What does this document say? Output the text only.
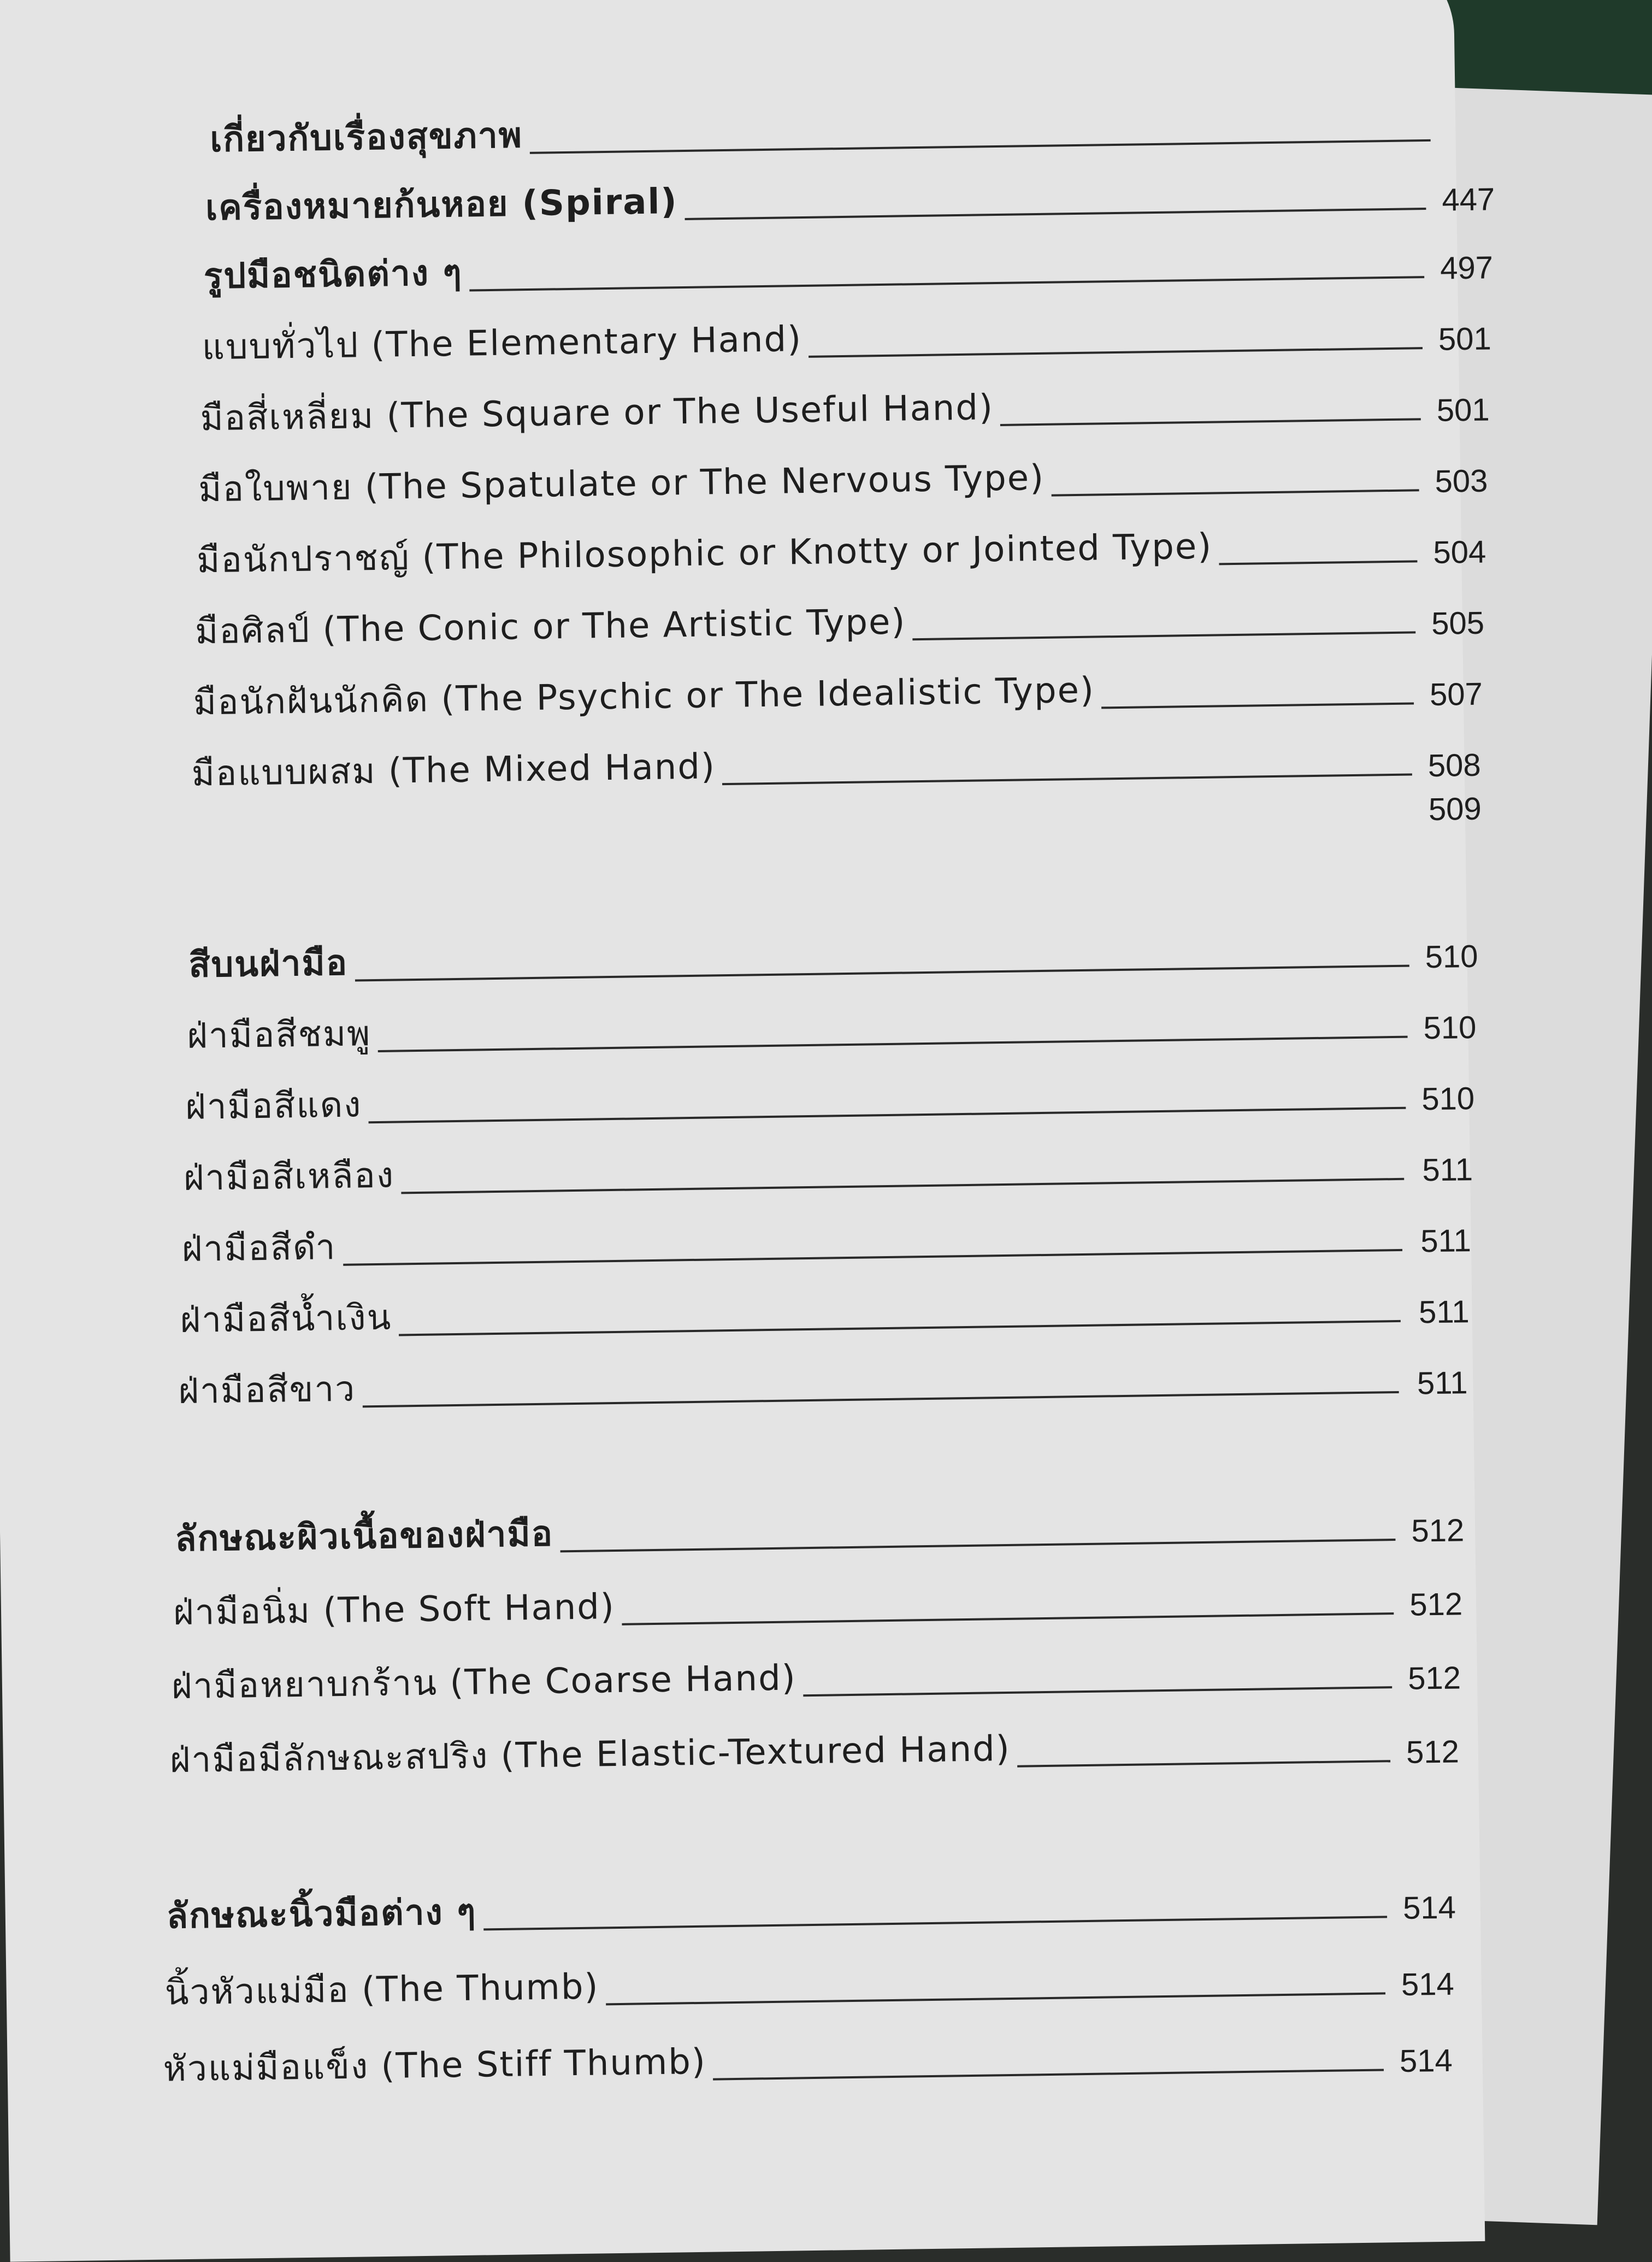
เกี่ยวกับเรื่องสุขภาพ
เครื่องหมายก้นหอย (Spiral)	447
รูปมือชนิดต่าง ๆ	497
แบบทั่วไป (The Elementary Hand)	501
มือสี่เหลี่ยม (The Square or The Useful Hand)	501
มือใบพาย (The Spatulate or The Nervous Type)	503
มือนักปราชญ์ (The Philosophic or Knotty or Jointed Type)	504
มือศิลป์ (The Conic or The Artistic Type)	505
มือนักฝันนักคิด (The Psychic or The Idealistic Type)	507
มือแบบผสม (The Mixed Hand)	508
509
สีบนฝ่ามือ	510
ฝ่ามือสีชมพู	510
ฝ่ามือสีแดง	510
ฝ่ามือสีเหลือง	511
ฝ่ามือสีดำ	511
ฝ่ามือสีน้ำเงิน	511
ฝ่ามือสีขาว	511
ลักษณะผิวเนื้อของฝ่ามือ	512
ฝ่ามือนิ่ม (The Soft Hand)	512
ฝ่ามือหยาบกร้าน (The Coarse Hand)	512
ฝ่ามือมีลักษณะสปริง (The Elastic-Textured Hand)	512
ลักษณะนิ้วมือต่าง ๆ	514
นิ้วหัวแม่มือ (The Thumb)	514
หัวแม่มือแข็ง (The Stiff Thumb)	514
